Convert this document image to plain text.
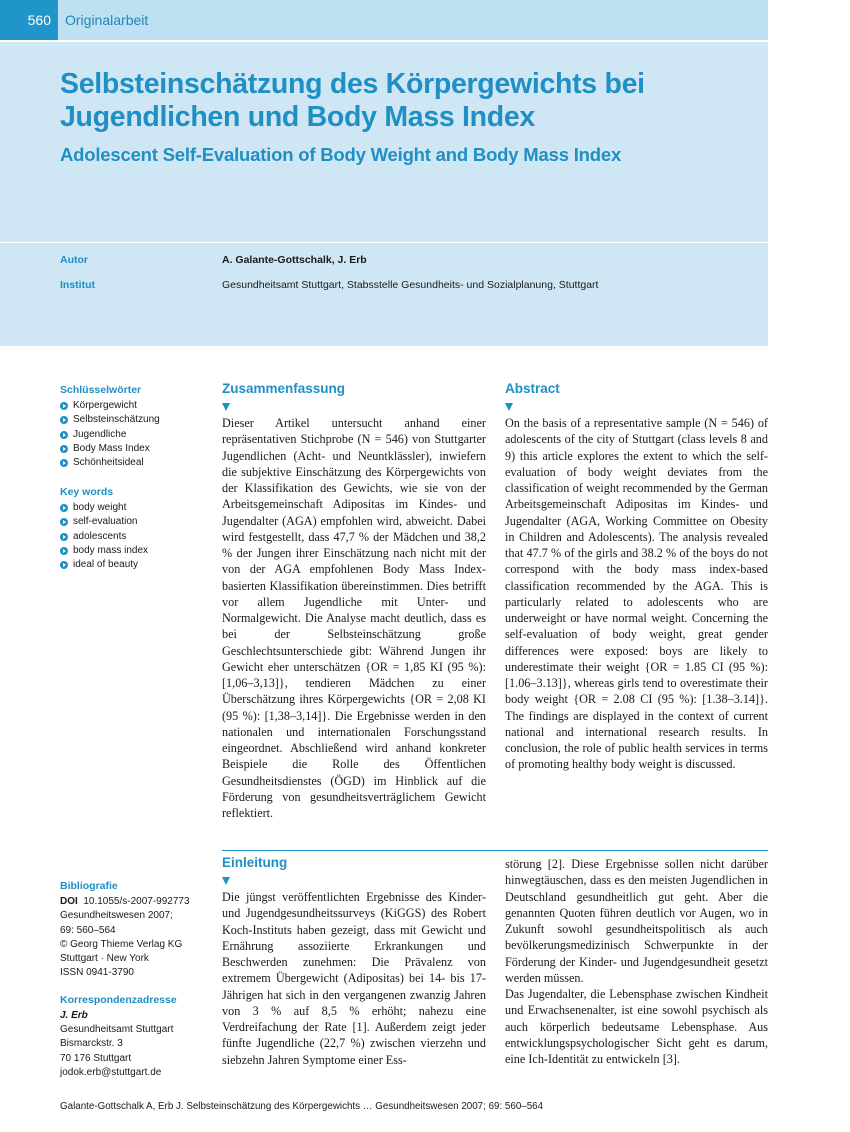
560	Originalarbeit
Selbsteinschätzung des Körpergewichts bei Jugendlichen und Body Mass Index
Adolescent Self-Evaluation of Body Weight and Body Mass Index
Autor	A. Galante-Gottschalk, J. Erb
Institut	Gesundheitsamt Stuttgart, Stabsstelle Gesundheits- und Sozialplanung, Stuttgart
Schlüsselwörter
Körpergewicht
Selbsteinschätzung
Jugendliche
Body Mass Index
Schönheitsideal
Key words
body weight
self-evaluation
adolescents
body mass index
ideal of beauty
Zusammenfassung

Dieser Artikel untersucht anhand einer repräsentativen Stichprobe (N = 546) von Stuttgarter Jugendlichen (Acht- und Neuntklässler), inwiefern die subjektive Einschätzung des Körpergewichts von der Klassifikation des Gewichts, wie sie von der Arbeitsgemeinschaft Adipositas im Kindes- und Jugendalter (AGA) empfohlen wird, abweicht. Dabei wird festgestellt, dass 47,7 % der Mädchen und 38,2 % der Jungen ihrer Einschätzung nach nicht mit der von der AGA empfohlenen Body Mass Index-basierten Klassifikation übereinstimmen. Dies betrifft vor allem Jugendliche mit Unter- und Normalgewicht. Die Analyse macht deutlich, dass es bei der Selbsteinschätzung große Geschlechtsunterschiede gibt: Während Jungen ihr Gewicht eher unterschätzen {OR = 1,85 KI (95 %): [1,06–3,13]}, tendieren Mädchen zu einer Überschätzung ihres Körpergewichts {OR = 2,08 KI (95 %): [1,38–3,14]}. Die Ergebnisse werden in den nationalen und internationalen Forschungsstand eingeordnet. Abschließend wird anhand konkreter Beispiele die Rolle des Öffentlichen Gesundheitsdienstes (ÖGD) im Hinblick auf die Förderung von gesundheitsverträglichem Gewicht reflektiert.

Abstract

On the basis of a representative sample (N = 546) of adolescents of the city of Stuttgart (class levels 8 and 9) this article explores the extent to which the self-evaluation of body weight deviates from the classification of weight recommended by the German Arbeitsgemeinschaft Adipositas im Kindes- und Jugendalter (AGA, Working Committee on Obesity in Children and Adolescents). The analysis revealed that 47.7 % of the girls and 38.2 % of the boys do not correspond with the body mass index-based classification recommended by the AGA. This is particularly related to adolescents who are underweight or have normal weight. Concerning the self-evaluation of body weight, great gender differences were exposed: boys are likely to underestimate their weight {OR = 1.85 CI (95 %): [1.06–3.13]}, whereas girls tend to overestimate their body weight {OR = 2.08 CI (95 %): [1.38–3.14]}. The findings are displayed in the context of current national and international research results. In conclusion, the role of public health services in terms of promoting healthy body weight is discussed.

Einleitung

Die jüngst veröffentlichten Ergebnisse des Kinder- und Jugendgesundheitssurveys (KiGGS) des Robert Koch-Instituts haben gezeigt, dass mit Gewicht und Ernährung assoziierte Erkrankungen und Beschwerden zunehmen: Die Prävalenz von extremem Übergewicht (Adipositas) bei 14- bis 17-Jährigen hat sich in den vergangenen zwanzig Jahren von 3 % auf 8,5 % erhöht; nahezu eine Verdreifachung der Rate [1]. Außerdem zeigt jeder fünfte Jugendliche (22,7 %) zwischen vierzehn und siebzehn Jahren Symptome einer Ess-

störung [2]. Diese Ergebnisse sollen nicht darüber hinwegtäuschen, dass es den meisten Jugendlichen in Deutschland gesundheitlich gut geht. Aber die genannten Quoten führen deutlich vor Augen, wo in Zukunft sowohl gesundheitspolitisch als auch bevölkerungsmedizinisch Schwerpunkte in der Förderung der Kinder- und Jugendgesundheit gesetzt werden müssen.

Das Jugendalter, die Lebensphase zwischen Kindheit und Erwachsenenalter, ist eine sowohl psychisch als auch körperlich bedeutsame Lebensphase. Aus entwicklungspsychologischer Sicht geht es darum, eine Ich-Identität zu entwickeln [3].

Bibliografie
DOI 10.1055/s-2007-992773
Gesundheitswesen 2007;
69: 560–564
© Georg Thieme Verlag KG
Stuttgart · New York
ISSN 0941-3790
Korrespondenzadresse
J. Erb
Gesundheitsamt Stuttgart
Bismarckstr. 3
70 176 Stuttgart
jodok.erb@stuttgart.de
Galante-Gottschalk A, Erb J. Selbsteinschätzung des Körpergewichts … Gesundheitswesen 2007; 69: 560–564
